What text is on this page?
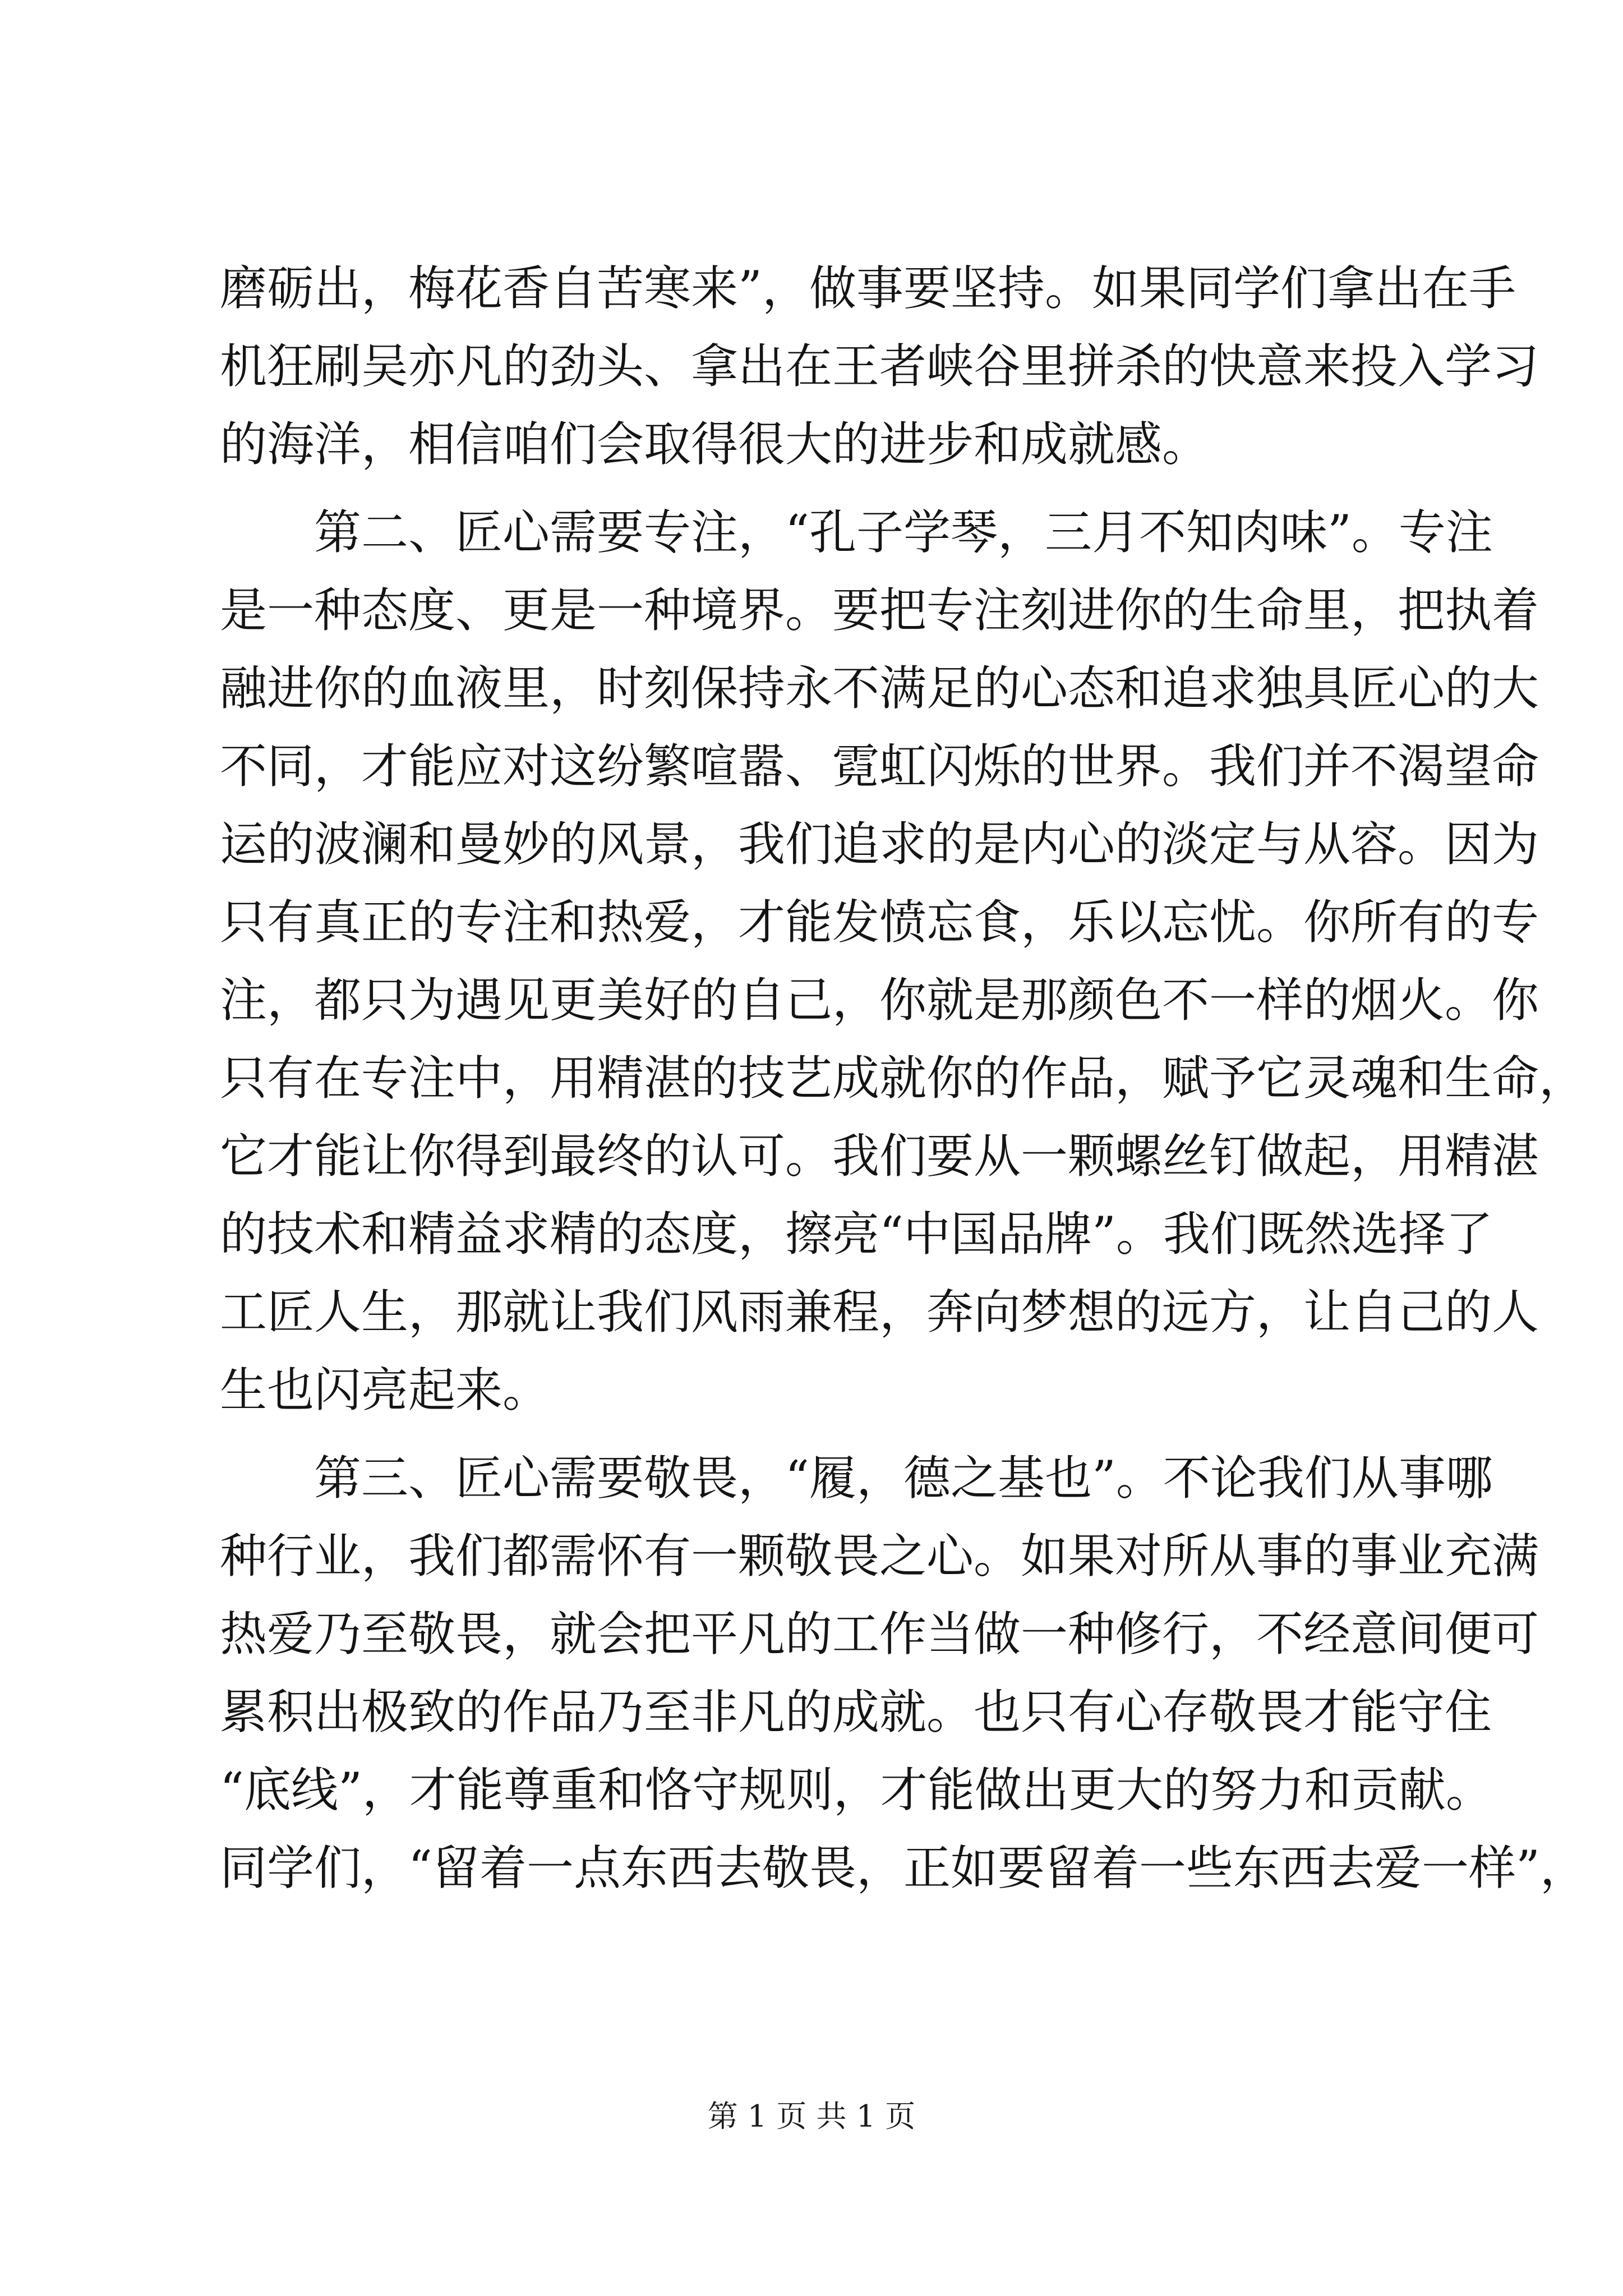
磨砺出，梅花香自苦寒来”，做事要坚持。如果同学们拿出在手
机狂刷吴亦凡的劲头、拿出在王者峡谷里拼杀的快意来投入学习
的海洋，相信咱们会取得很大的进步和成就感。
第二、匠心需要专注，“孔子学琴，三月不知肉味”。专注
是一种态度、更是一种境界。要把专注刻进你的生命里，把执着
融进你的血液里，时刻保持永不满足的心态和追求独具匠心的大
不同，才能应对这纷繁喧嚣、霓虹闪烁的世界。我们并不渴望命
运的波澜和曼妙的风景，我们追求的是内心的淡定与从容。因为
只有真正的专注和热爱，才能发愤忘食，乐以忘忧。你所有的专
注，都只为遇见更美好的自己，你就是那颜色不一样的烟火。你
只有在专注中，用精湛的技艺成就你的作品，赋予它灵魂和生命，
它才能让你得到最终的认可。我们要从一颗螺丝钉做起，用精湛
的技术和精益求精的态度，擦亮“中国品牌”。我们既然选择了
工匠人生，那就让我们风雨兼程，奔向梦想的远方，让自己的人
生也闪亮起来。
第三、匠心需要敬畏，“履，德之基也”。不论我们从事哪
种行业，我们都需怀有一颗敬畏之心。如果对所从事的事业充满
热爱乃至敬畏，就会把平凡的工作当做一种修行，不经意间便可
累积出极致的作品乃至非凡的成就。也只有心存敬畏才能守住
“底线”，才能尊重和恪守规则，才能做出更大的努力和贡献。
同学们，“留着一点东西去敬畏，正如要留着一些东西去爱一样”，
第 1 页 共 1 页
